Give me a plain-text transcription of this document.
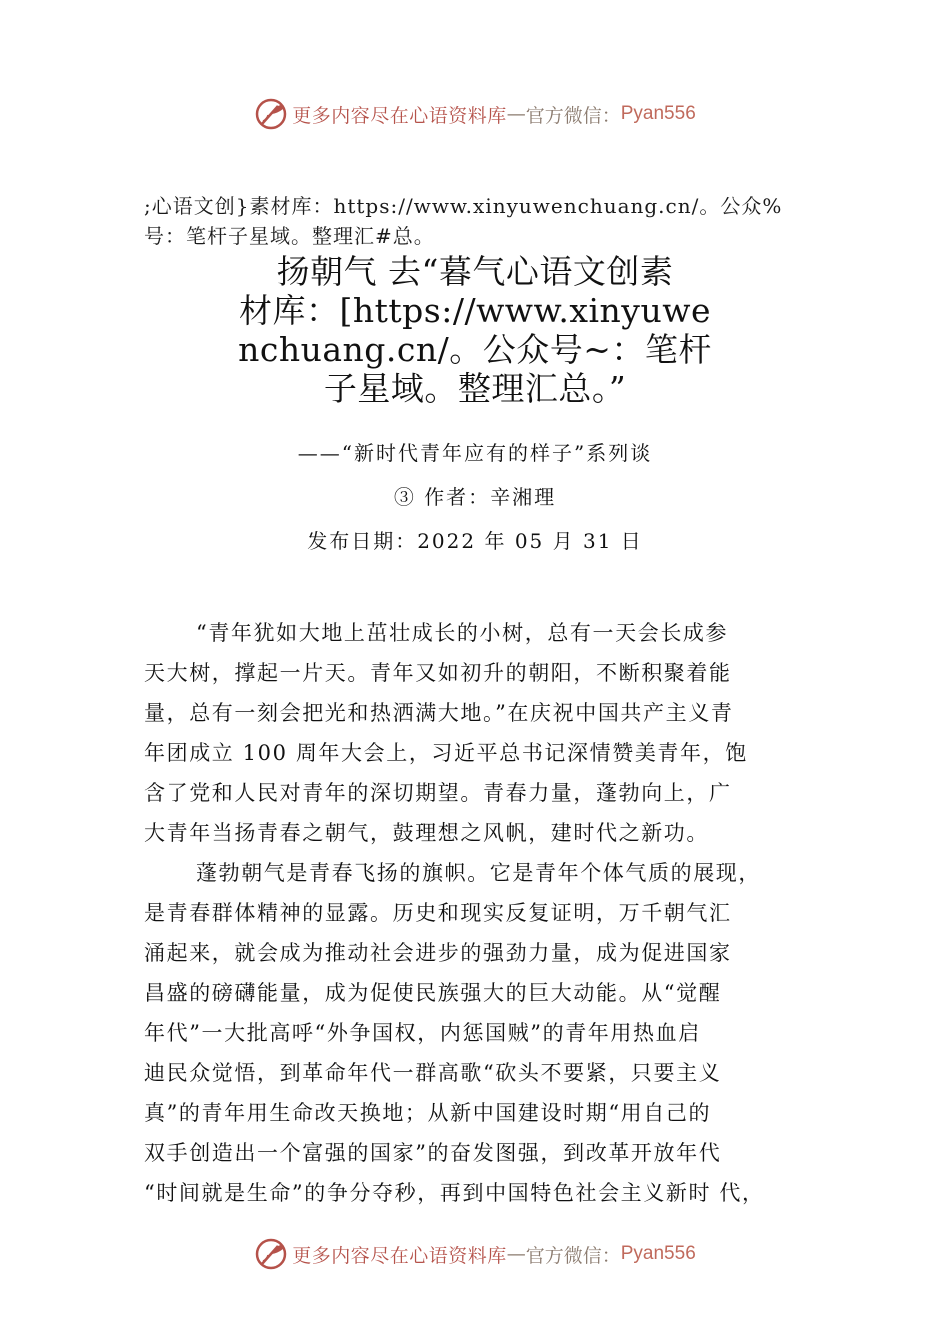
更多内容尽在心语资料库 — 官方微信： Pyan556
;心语文创}素材库：https://www.xinyuwenchuang.cn/。公众%
号：笔杆子星域。整理汇#总。
扬朝气 去“暮气心语文创素
材库：[https://www.xinyuwe
nchuang.cn/。公众号~：笔杆
子星域。整理汇总。”
——“新时代青年应有的样子”系列谈
③ 作者：辛湘理
发布日期：2022 年 05 月 31 日
“青年犹如大地上茁壮成长的小树，总有一天会长成参
天大树，撑起一片天。青年又如初升的朝阳，不断积聚着能
量，总有一刻会把光和热洒满大地。”在庆祝中国共产主义青
年团成立 100 周年大会上，习近平总书记深情赞美青年，饱
含了党和人民对青年的深切期望。青春力量，蓬勃向上，广
大青年当扬青春之朝气，鼓理想之风帆，建时代之新功。
蓬勃朝气是青春飞扬的旗帜。它是青年个体气质的展现，
是青春群体精神的显露。历史和现实反复证明，万千朝气汇
涌起来，就会成为推动社会进步的强劲力量，成为促进国家
昌盛的磅礴能量，成为促使民族强大的巨大动能。从“觉醒
年代”一大批高呼“外争国权，内惩国贼”的青年用热血启
迪民众觉悟，到革命年代一群高歌“砍头不要紧，只要主义
真”的青年用生命改天换地；从新中国建设时期“用自己的
双手创造出一个富强的国家”的奋发图强，到改革开放年代
“时间就是生命”的争分夺秒，再到中国特色社会主义新时 代，
更多内容尽在心语资料库 — 官方微信： Pyan556
